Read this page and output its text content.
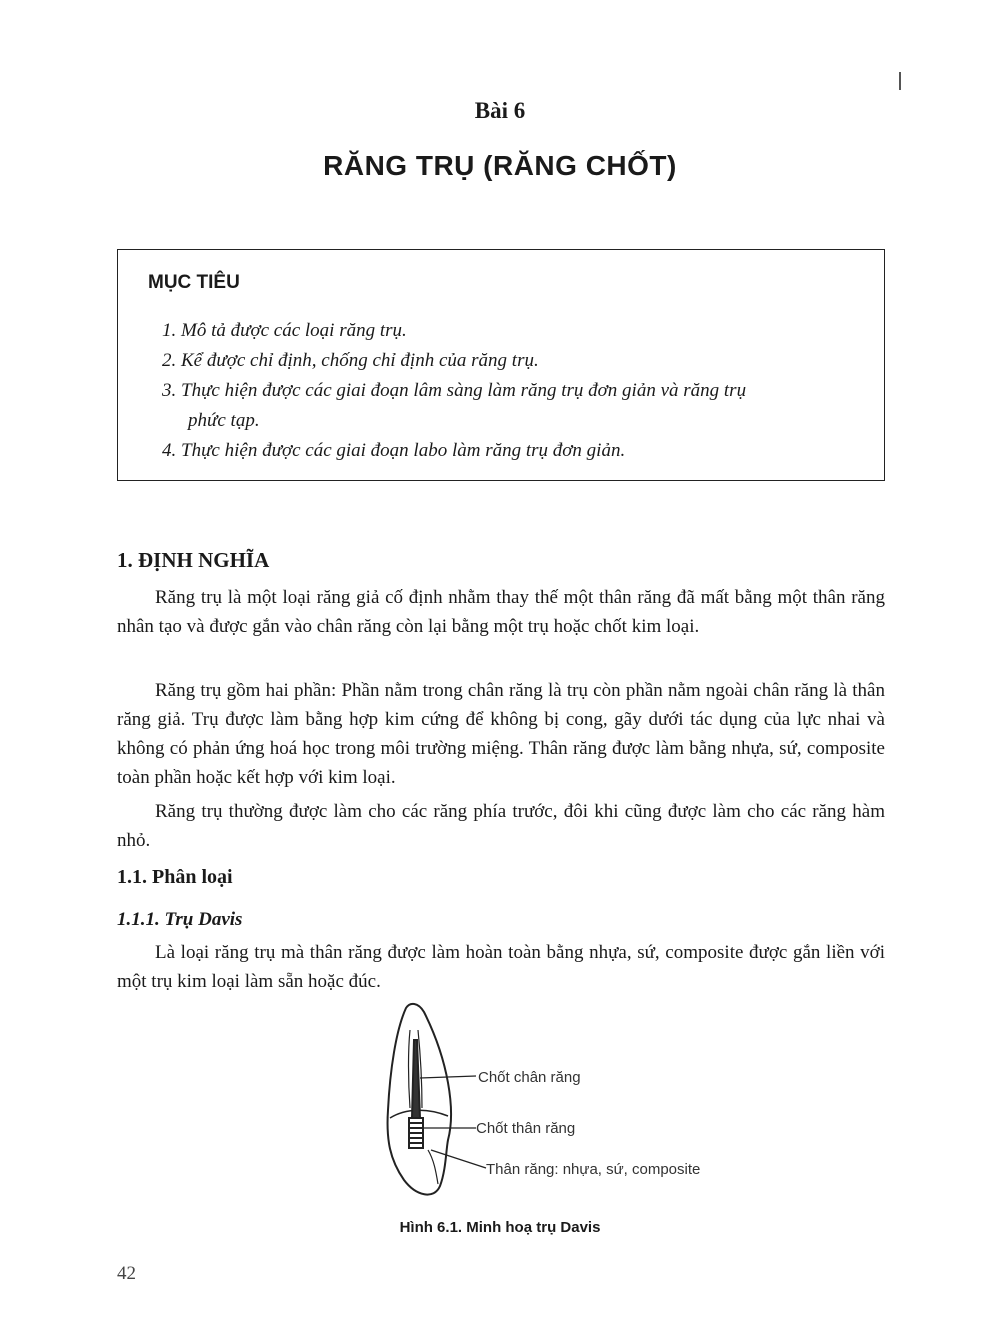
Bài 6
RĂNG TRỤ (RĂNG CHỐT)
MỤC TIÊU
1. Mô tả được các loại răng trụ.
2. Kể được chỉ định, chống chỉ định của răng trụ.
3. Thực hiện được các giai đoạn lâm sàng làm răng trụ đơn giản và răng trụ
phức tạp.
4. Thực hiện được các giai đoạn labo làm răng trụ đơn giản.
1. ĐỊNH NGHĨA

Răng trụ là một loại răng giả cố định nhằm thay thế một thân răng đã mất bằng một thân răng nhân tạo và được gắn vào chân răng còn lại bằng một trụ hoặc chốt kim loại.

Răng trụ gồm hai phần: Phần nằm trong chân răng là trụ còn phần nằm ngoài chân răng là thân răng giả. Trụ được làm bằng hợp kim cứng để không bị cong, gãy dưới tác dụng của lực nhai và không có phản ứng hoá học trong môi trường miệng. Thân răng được làm bằng nhựa, sứ, composite toàn phần hoặc kết hợp với kim loại.

Răng trụ thường được làm cho các răng phía trước, đôi khi cũng được làm cho các răng hàm nhỏ.

1.1. Phân loại
1.1.1. Trụ Davis

Là loại răng trụ mà thân răng được làm hoàn toàn bằng nhựa, sứ, composite được gắn liền với một trụ kim loại làm sẵn hoặc đúc.

Chốt chân răng
Chốt thân răng
Thân răng: nhựa, sứ, composite
Hình 6.1. Minh hoạ trụ Davis
42
